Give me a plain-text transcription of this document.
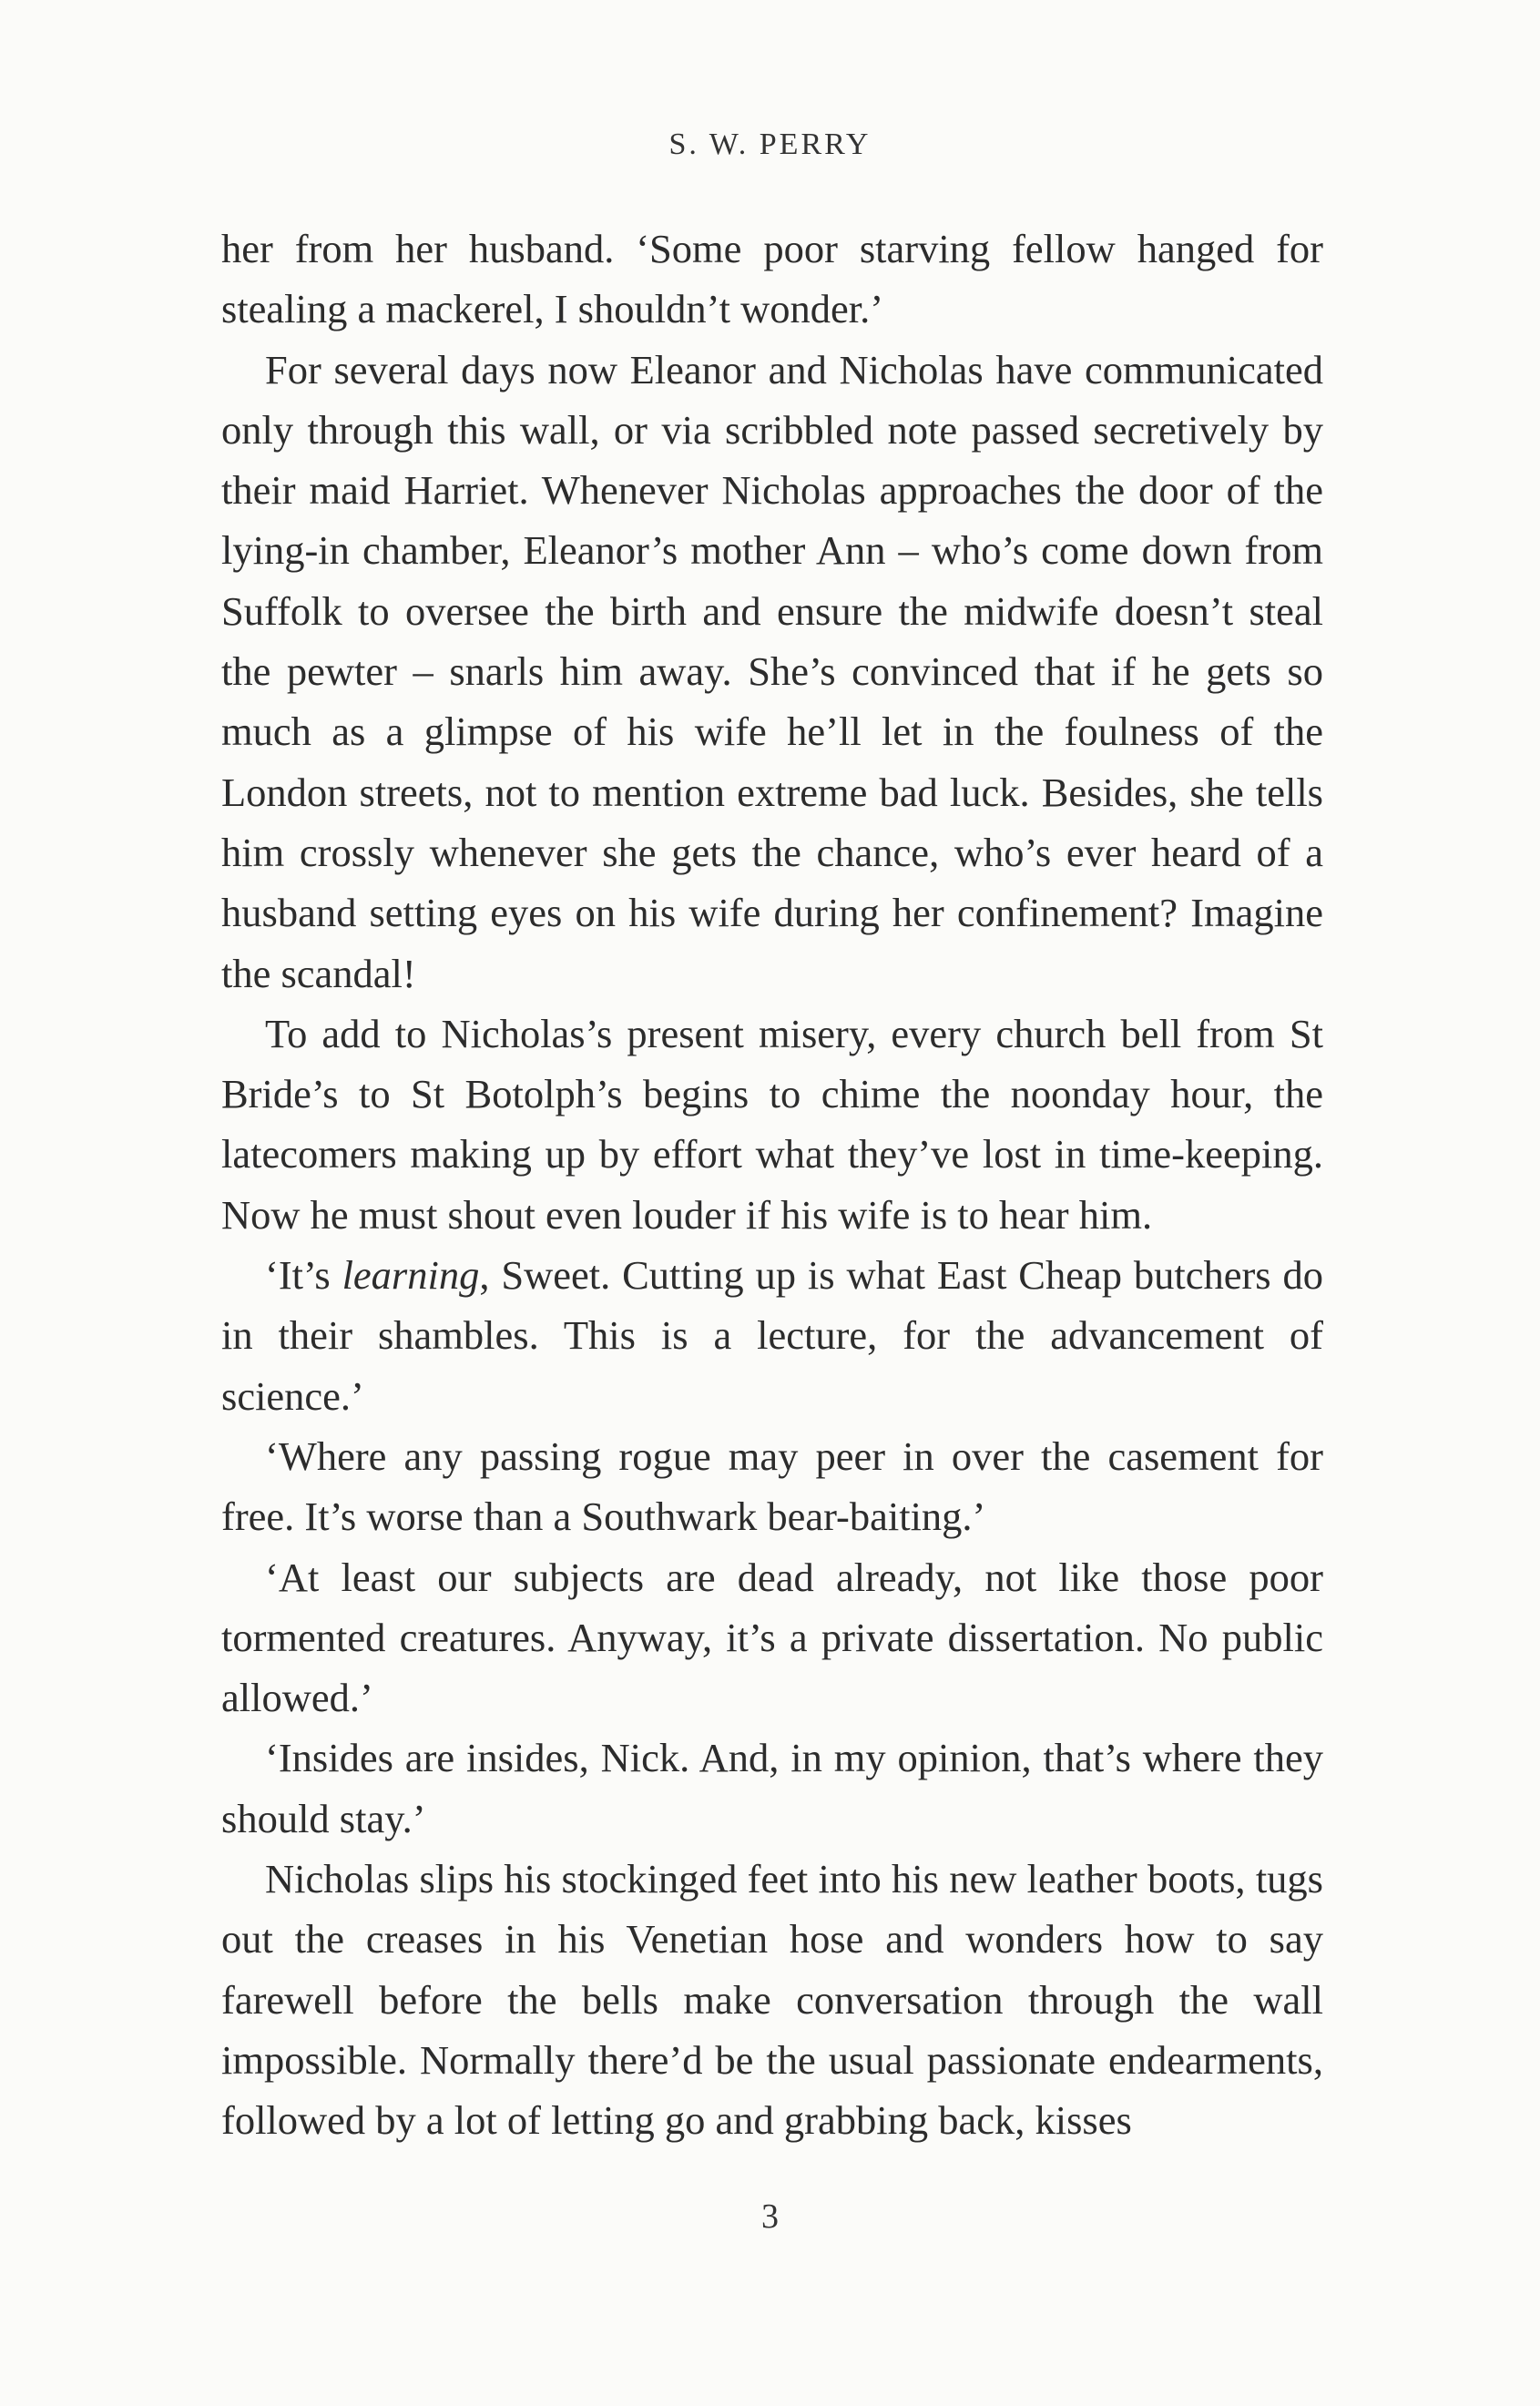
S. W. PERRY

her from her husband. ‘Some poor starving fellow hanged for stealing a mackerel, I shouldn’t wonder.’

For several days now Eleanor and Nicholas have communicated only through this wall, or via scribbled note passed secretively by their maid Harriet. Whenever Nicholas approaches the door of the lying-in chamber, Eleanor’s mother Ann – who’s come down from Suffolk to oversee the birth and ensure the midwife doesn’t steal the pewter – snarls him away. She’s convinced that if he gets so much as a glimpse of his wife he’ll let in the foulness of the London streets, not to mention extreme bad luck. Besides, she tells him crossly whenever she gets the chance, who’s ever heard of a husband setting eyes on his wife during her confinement? Imagine the scandal!

To add to Nicholas’s present misery, every church bell from St Bride’s to St Botolph’s begins to chime the noonday hour, the latecomers making up by effort what they’ve lost in time-keeping. Now he must shout even louder if his wife is to hear him.

‘It’s learning, Sweet. Cutting up is what East Cheap butchers do in their shambles. This is a lecture, for the advancement of science.’

‘Where any passing rogue may peer in over the casement for free. It’s worse than a Southwark bear-baiting.’

‘At least our subjects are dead already, not like those poor tormented creatures. Anyway, it’s a private dissertation. No public allowed.’

‘Insides are insides, Nick. And, in my opinion, that’s where they should stay.’

Nicholas slips his stockinged feet into his new leather boots, tugs out the creases in his Venetian hose and wonders how to say farewell before the bells make conversation through the wall impossible. Normally there’d be the usual passionate endearments, followed by a lot of letting go and grabbing back, kisses

3
